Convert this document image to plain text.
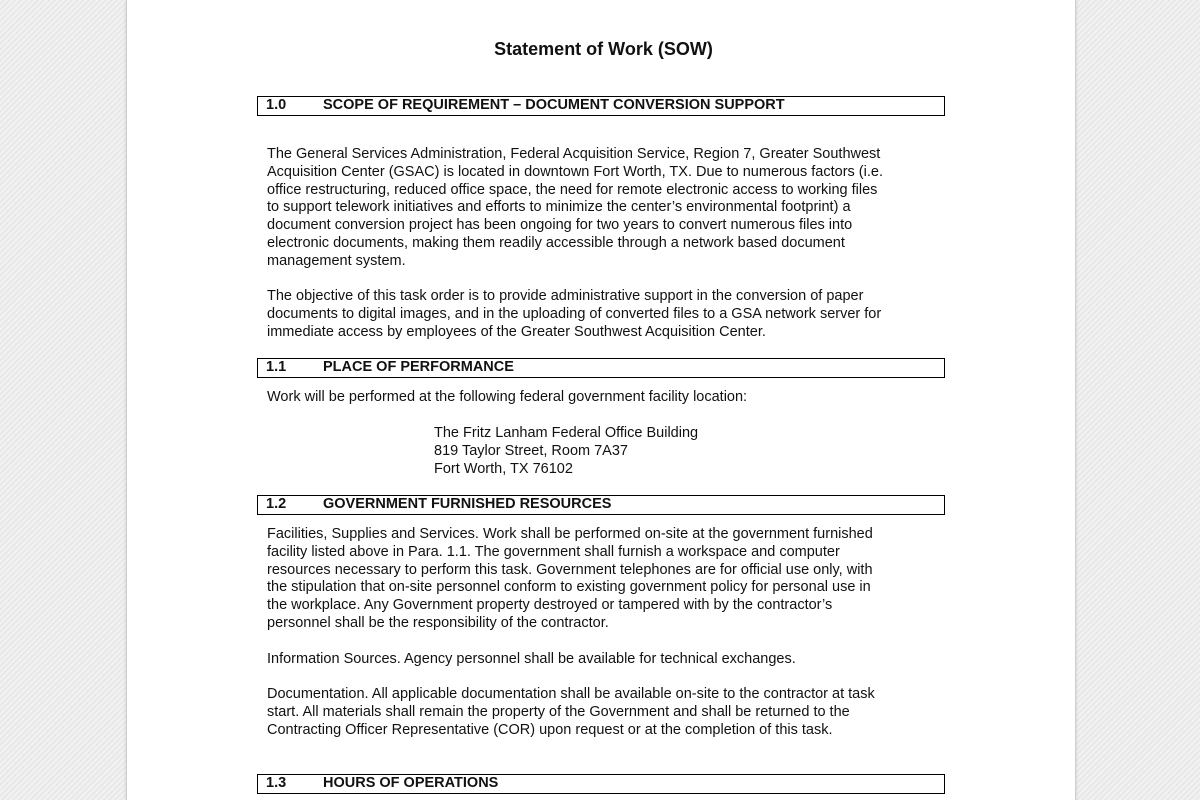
Statement of Work (SOW)
1.0	SCOPE OF REQUIREMENT – DOCUMENT CONVERSION SUPPORT

The General Services Administration, Federal Acquisition Service, Region 7, Greater Southwest
Acquisition Center (GSAC) is located in downtown Fort Worth, TX. Due to numerous factors (i.e.
office restructuring, reduced office space, the need for remote electronic access to working files
to support telework initiatives and efforts to minimize the center’s environmental footprint) a
document conversion project has been ongoing for two years to convert numerous files into
electronic documents, making them readily accessible through a network based document
management system.

The objective of this task order is to provide administrative support in the conversion of paper
documents to digital images, and in the uploading of converted files to a GSA network server for
immediate access by employees of the Greater Southwest Acquisition Center.

1.1	PLACE OF PERFORMANCE

Work will be performed at the following federal government facility location:

The Fritz Lanham Federal Office Building
819 Taylor Street, Room 7A37
Fort Worth, TX 76102
1.2	GOVERNMENT FURNISHED RESOURCES

Facilities, Supplies and Services. Work shall be performed on-site at the government furnished
facility listed above in Para. 1.1. The government shall furnish a workspace and computer
resources necessary to perform this task. Government telephones are for official use only, with
the stipulation that on-site personnel conform to existing government policy for personal use in
the workplace. Any Government property destroyed or tampered with by the contractor’s
personnel shall be the responsibility of the contractor.

Information Sources. Agency personnel shall be available for technical exchanges.

Documentation. All applicable documentation shall be available on-site to the contractor at task
start. All materials shall remain the property of the Government and shall be returned to the
Contracting Officer Representative (COR) upon request or at the completion of this task.

1.3	HOURS OF OPERATIONS
